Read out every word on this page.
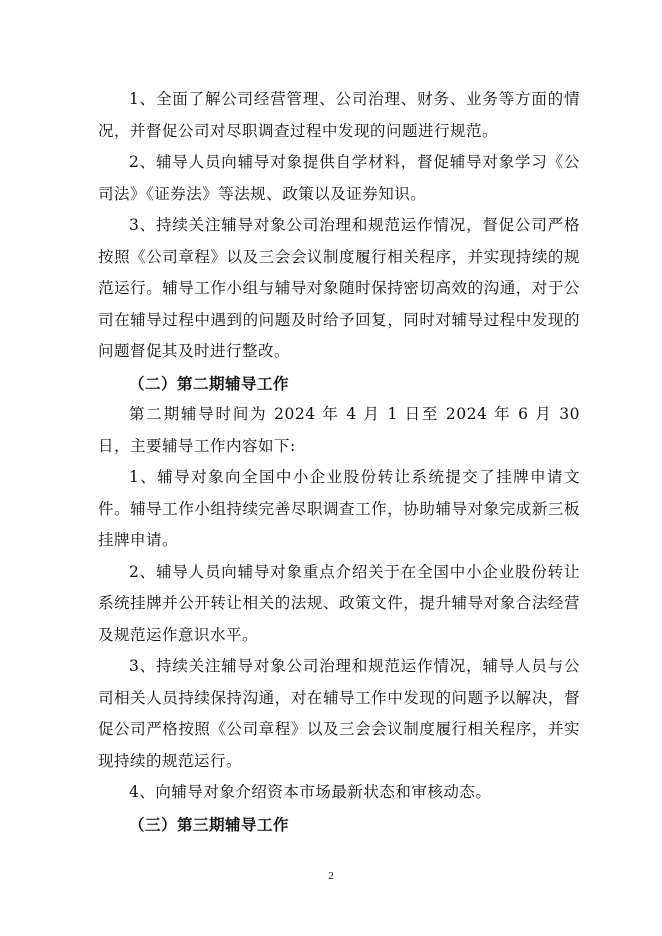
1、全面了解公司经营管理、公司治理、财务、业务等方面的情况，并督促公司对尽职调查过程中发现的问题进行规范。

2、辅导人员向辅导对象提供自学材料，督促辅导对象学习《公司法》《证券法》等法规、政策以及证券知识。

3、持续关注辅导对象公司治理和规范运作情况，督促公司严格按照《公司章程》以及三会会议制度履行相关程序，并实现持续的规范运行。辅导工作小组与辅导对象随时保持密切高效的沟通，对于公司在辅导过程中遇到的问题及时给予回复，同时对辅导过程中发现的问题督促其及时进行整改。

（二）第二期辅导工作

第二期辅导时间为 2024 年 4 月 1 日至 2024 年 6 月 30 日，主要辅导工作内容如下:

1、辅导对象向全国中小企业股份转让系统提交了挂牌申请文件。辅导工作小组持续完善尽职调查工作，协助辅导对象完成新三板挂牌申请。

2、辅导人员向辅导对象重点介绍关于在全国中小企业股份转让系统挂牌并公开转让相关的法规、政策文件，提升辅导对象合法经营及规范运作意识水平。

3、持续关注辅导对象公司治理和规范运作情况，辅导人员与公司相关人员持续保持沟通，对在辅导工作中发现的问题予以解决，督促公司严格按照《公司章程》以及三会会议制度履行相关程序，并实现持续的规范运行。

4、向辅导对象介绍资本市场最新状态和审核动态。

（三）第三期辅导工作

2
